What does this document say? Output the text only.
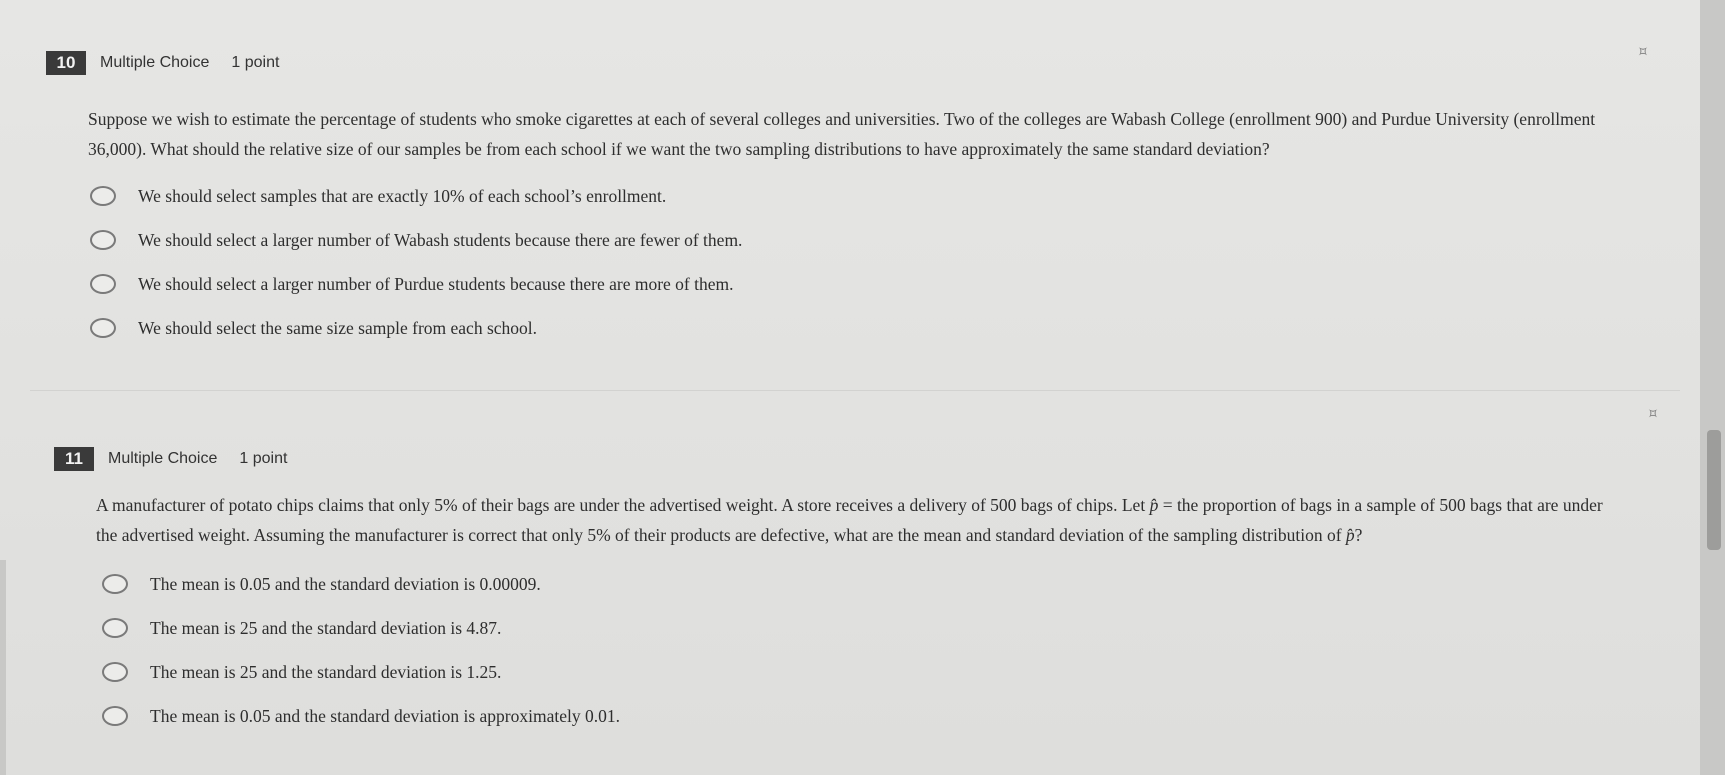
10	Multiple Choice 1 point
Suppose we wish to estimate the percentage of students who smoke cigarettes at each of several colleges and universities. Two of the colleges are Wabash College (enrollment 900) and Purdue University (enrollment 36,000). What should the relative size of our samples be from each school if we want the two sampling distributions to have approximately the same standard deviation?
We should select samples that are exactly 10% of each school’s enrollment.
We should select a larger number of Wabash students because there are fewer of them.
We should select a larger number of Purdue students because there are more of them.
We should select the same size sample from each school.
✧
11	Multiple Choice 1 point
A manufacturer of potato chips claims that only 5% of their bags are under the advertised weight. A store receives a delivery of 500 bags of chips. Let p̂ = the proportion of bags in a sample of 500 bags that are under the advertised weight. Assuming the manufacturer is correct that only 5% of their products are defective, what are the mean and standard deviation of the sampling distribution of p̂?
The mean is 0.05 and the standard deviation is 0.00009.
The mean is 25 and the standard deviation is 4.87.
The mean is 25 and the standard deviation is 1.25.
The mean is 0.05 and the standard deviation is approximately 0.01.
✧
